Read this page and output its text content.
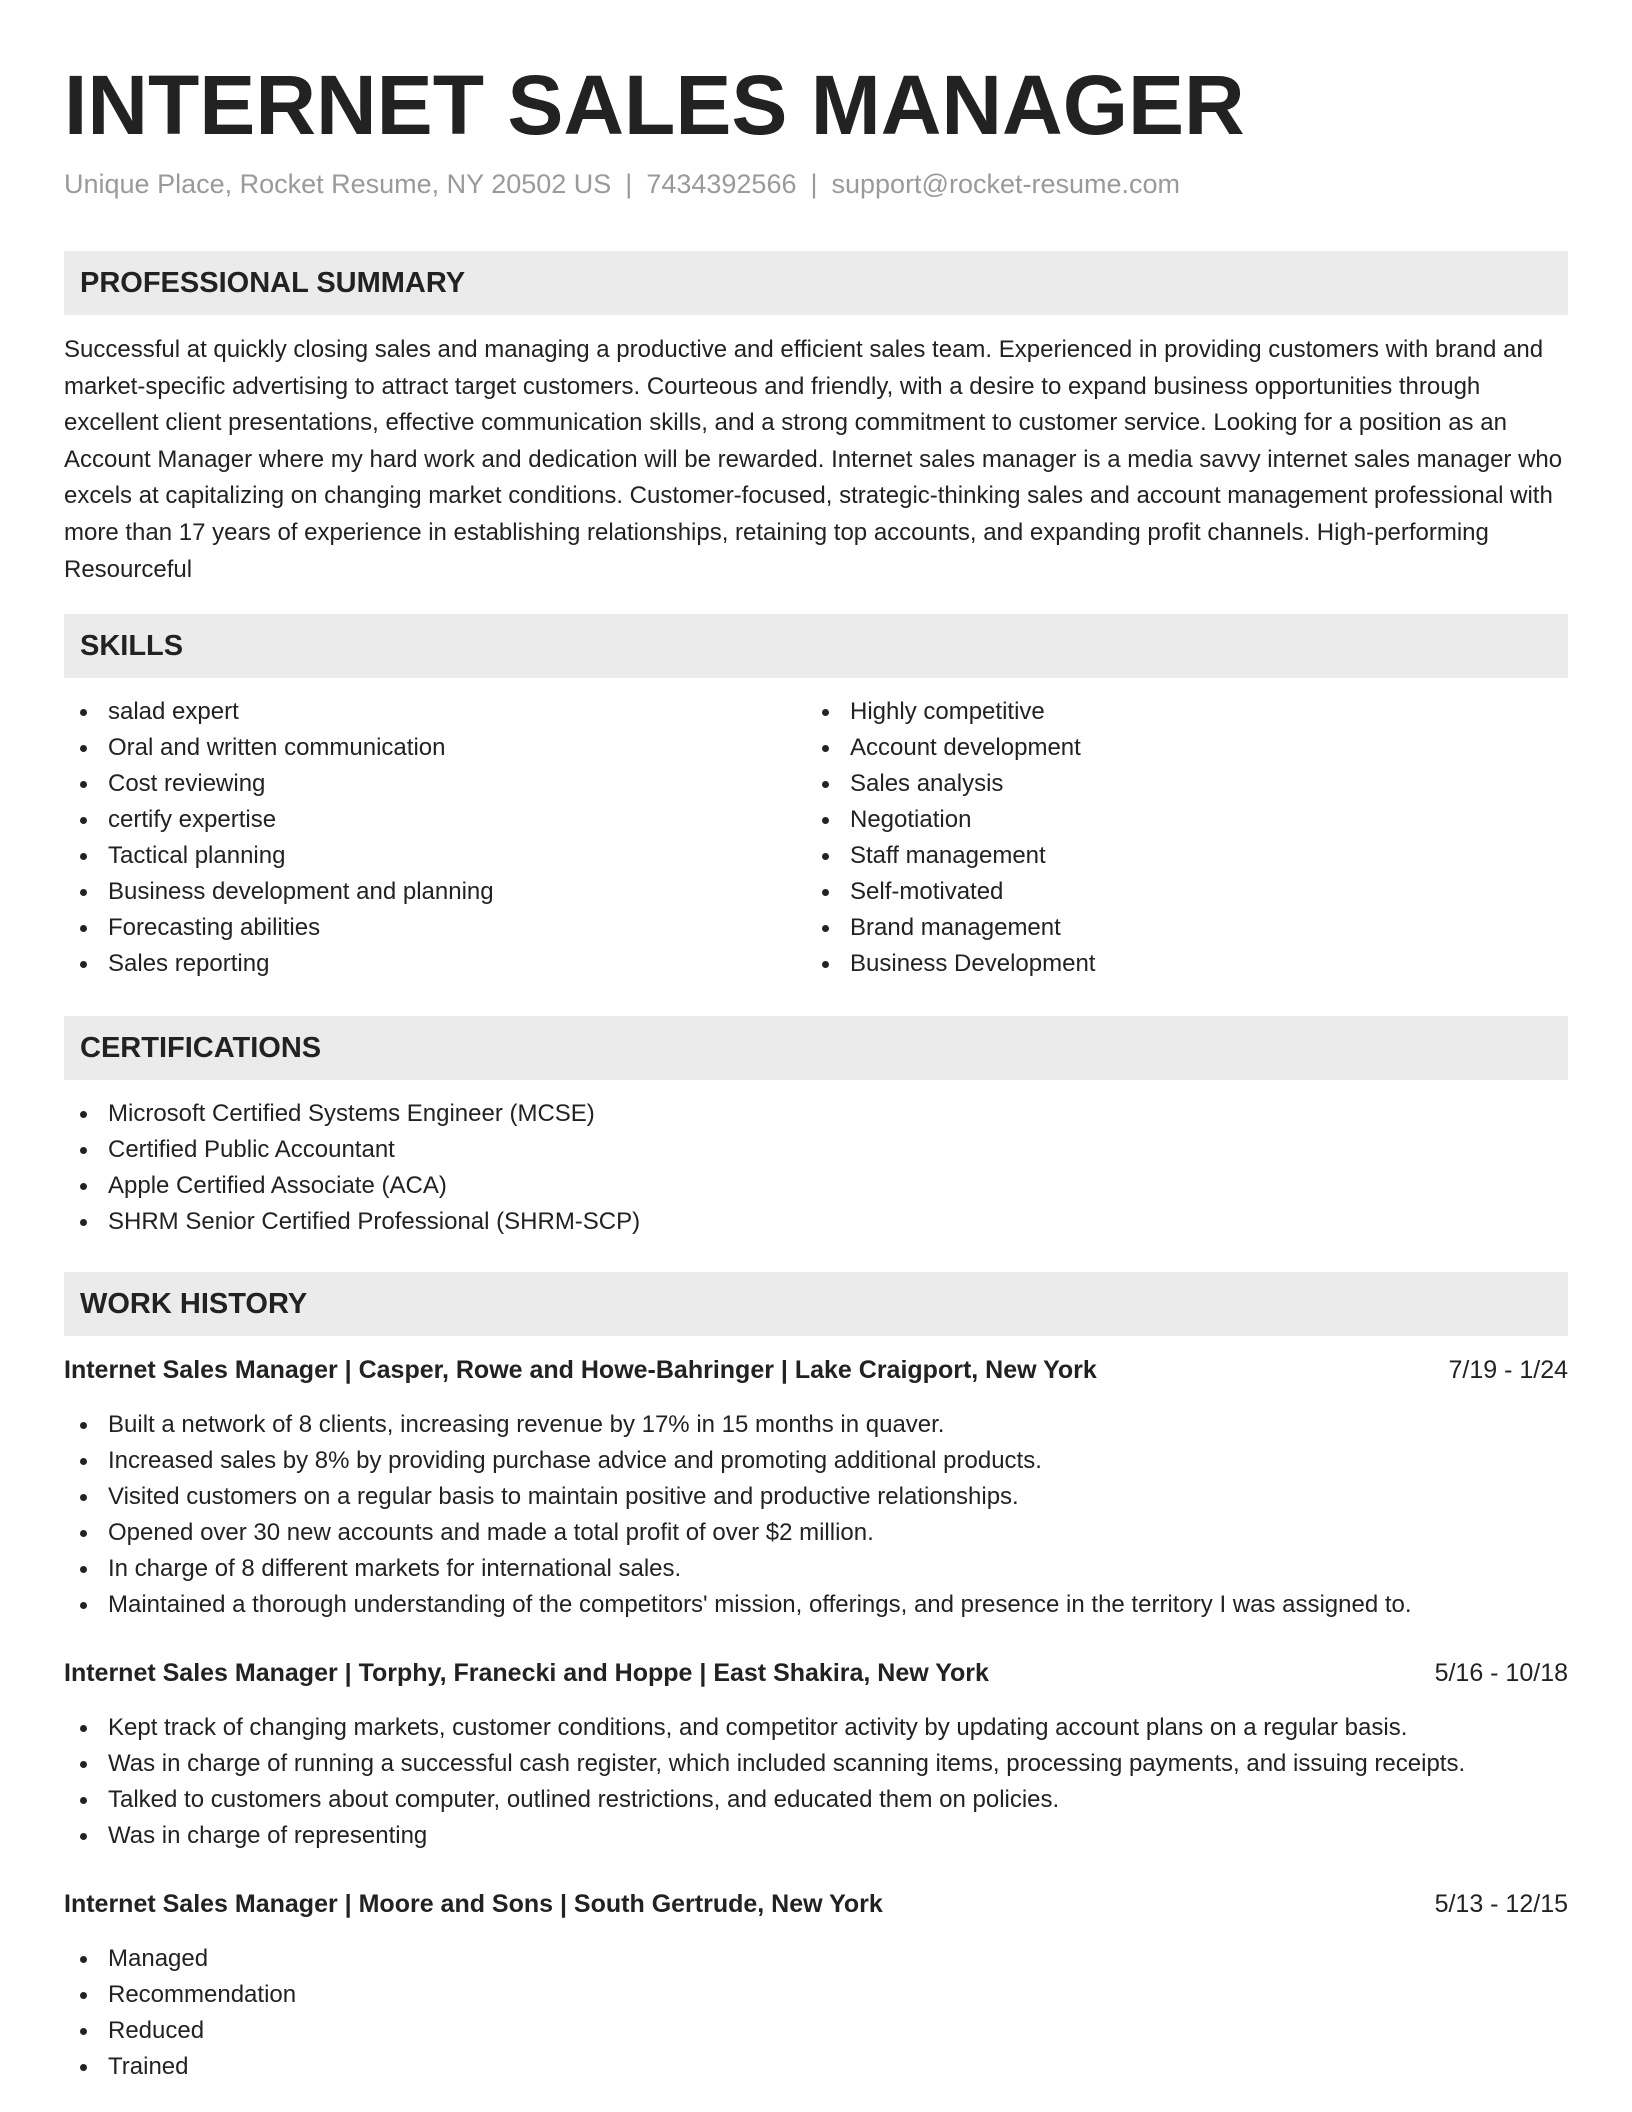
INTERNET SALES MANAGER
Unique Place, Rocket Resume, NY 20502 US | 7434392566 | support@rocket-resume.com
PROFESSIONAL SUMMARY

Successful at quickly closing sales and managing a productive and efficient sales team. Experienced in providing customers with brand and market-specific advertising to attract target customers. Courteous and friendly, with a desire to expand business opportunities through excellent client presentations, effective communication skills, and a strong commitment to customer service. Looking for a position as an Account Manager where my hard work and dedication will be rewarded. Internet sales manager is a media savvy internet sales manager who excels at capitalizing on changing market conditions. Customer-focused, strategic-thinking sales and account management professional with more than 17 years of experience in establishing relationships, retaining top accounts, and expanding profit channels. High-performing Resourceful

SKILLS
salad expert
Oral and written communication
Cost reviewing
certify expertise
Tactical planning
Business development and planning
Forecasting abilities
Sales reporting
Highly competitive
Account development
Sales analysis
Negotiation
Staff management
Self-motivated
Brand management
Business Development
CERTIFICATIONS
Microsoft Certified Systems Engineer (MCSE)
Certified Public Accountant
Apple Certified Associate (ACA)
SHRM Senior Certified Professional (SHRM-SCP)
WORK HISTORY
Internet Sales Manager | Casper, Rowe and Howe-Bahringer | Lake Craigport, New York	7/19 - 1/24
Built a network of 8 clients, increasing revenue by 17% in 15 months in quaver.
Increased sales by 8% by providing purchase advice and promoting additional products.
Visited customers on a regular basis to maintain positive and productive relationships.
Opened over 30 new accounts and made a total profit of over $2 million.
In charge of 8 different markets for international sales.
Maintained a thorough understanding of the competitors' mission, offerings, and presence in the territory I was assigned to.
Internet Sales Manager | Torphy, Franecki and Hoppe | East Shakira, New York	5/16 - 10/18
Kept track of changing markets, customer conditions, and competitor activity by updating account plans on a regular basis.
Was in charge of running a successful cash register, which included scanning items, processing payments, and issuing receipts.
Talked to customers about computer, outlined restrictions, and educated them on policies.
Was in charge of representing
Internet Sales Manager | Moore and Sons | South Gertrude, New York	5/13 - 12/15
Managed
Recommendation
Reduced
Trained
